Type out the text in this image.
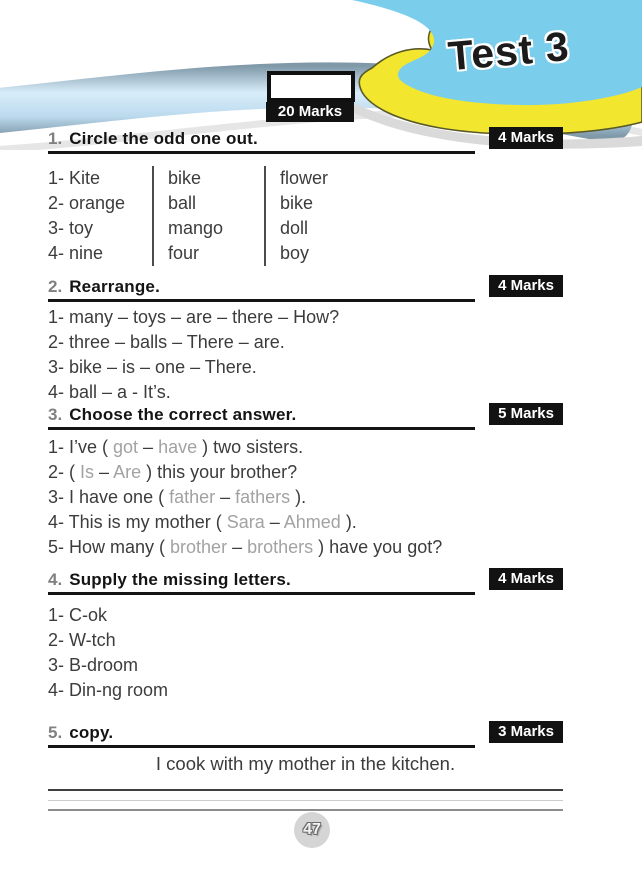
Test 3
20 Marks
1. Circle the odd one out.	4 Marks
1- Kite	bike	flower
2- orange	ball	bike
3- toy	mango	doll
4- nine	four	boy
2. Rearrange.	4 Marks
1- many – toys – are – there – How?
2- three – balls – There – are.
3- bike – is – one – There.
4- ball – a - It’s.
3. Choose the correct answer.	5 Marks
1- I’ve ( got – have ) two sisters.
2- ( Is – Are ) this your brother?
3- I have one ( father – fathers ).
4- This is my mother ( Sara – Ahmed ).
5- How many ( brother – brothers ) have you got?
4. Supply the missing letters.	4 Marks
1- C-ok
2- W-tch
3- B-droom
4- Din-ng room
5. copy.	3 Marks
I cook with my mother in the kitchen.
47
